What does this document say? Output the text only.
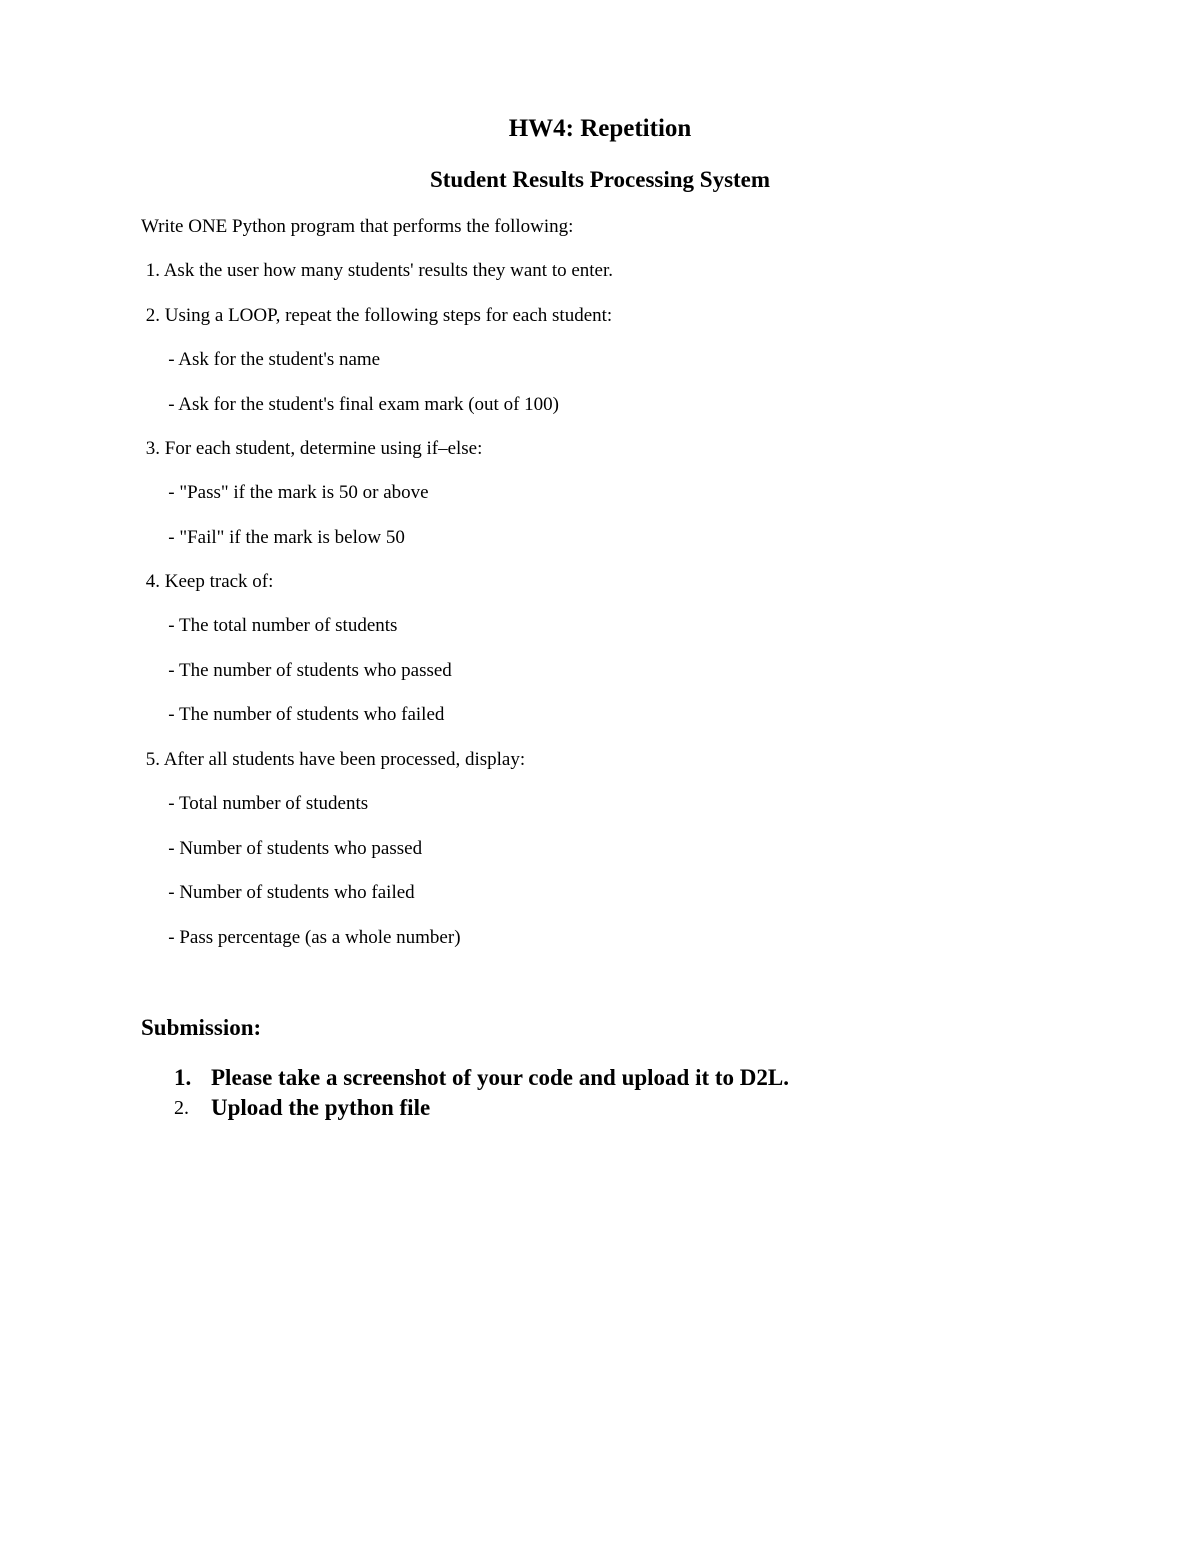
HW4: Repetition
Student Results Processing System
Write ONE Python program that performs the following:
1. Ask the user how many students' results they want to enter.
2. Using a LOOP, repeat the following steps for each student:
- Ask for the student's name
- Ask for the student's final exam mark (out of 100)
3. For each student, determine using if–else:
- "Pass" if the mark is 50 or above
- "Fail" if the mark is below 50
4. Keep track of:
- The total number of students
- The number of students who passed
- The number of students who failed
5. After all students have been processed, display:
- Total number of students
- Number of students who passed
- Number of students who failed
- Pass percentage (as a whole number)
Submission:
1. Please take a screenshot of your code and upload it to D2L.
2. Upload the python file
